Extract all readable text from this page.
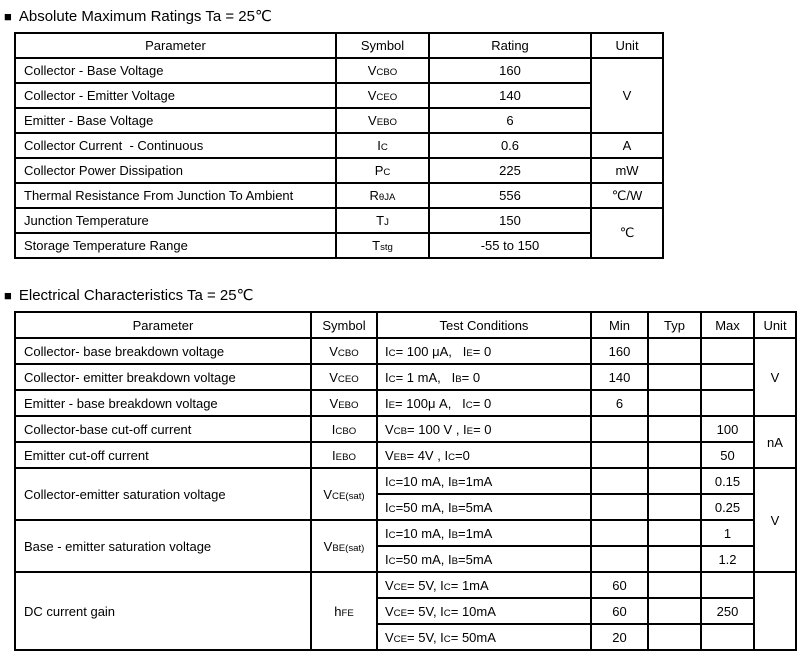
■ Absolute Maximum Ratings Ta = 25℃
Parameter	Symbol	Rating	Unit
Collector - Base Voltage	VCBO	160	V
Collector - Emitter Voltage	VCEO	140	
Emitter - Base Voltage	VEBO	6	
Collector Current  - Continuous	IC	0.6	A
Collector Power Dissipation	PC	225	mW
Thermal Resistance From Junction To Ambient	RθJA	556	℃/W
Junction Temperature	TJ	150	℃
Storage Temperature Range	Tstg	-55 to 150	
■ Electrical Characteristics Ta = 25℃
Parameter	Symbol	Test Conditions	Min	Typ	Max	Unit
Collector- base breakdown voltage	VCBO	IC= 100 μA,   IE= 0	160			V
Collector- emitter breakdown voltage	VCEO	IC= 1 mA,   IB= 0	140			
Emitter - base breakdown voltage	VEBO	IE= 100μ A,   IC= 0	6			
Collector-base cut-off current	ICBO	VCB= 100 V , IE= 0			100	nA
Emitter cut-off current	IEBO	VEB= 4V , IC=0			50	
Collector-emitter saturation voltage	VCE(sat)	IC=10 mA, IB=1mA			0.15	V
		IC=50 mA, IB=5mA			0.25	
Base - emitter saturation voltage	VBE(sat)	IC=10 mA, IB=1mA			1	
		IC=50 mA, IB=5mA			1.2	
DC current gain	hFE	VCE= 5V, IC= 1mA	60			
		VCE= 5V, IC= 10mA	60		250	
		VCE= 5V, IC= 50mA	20			
